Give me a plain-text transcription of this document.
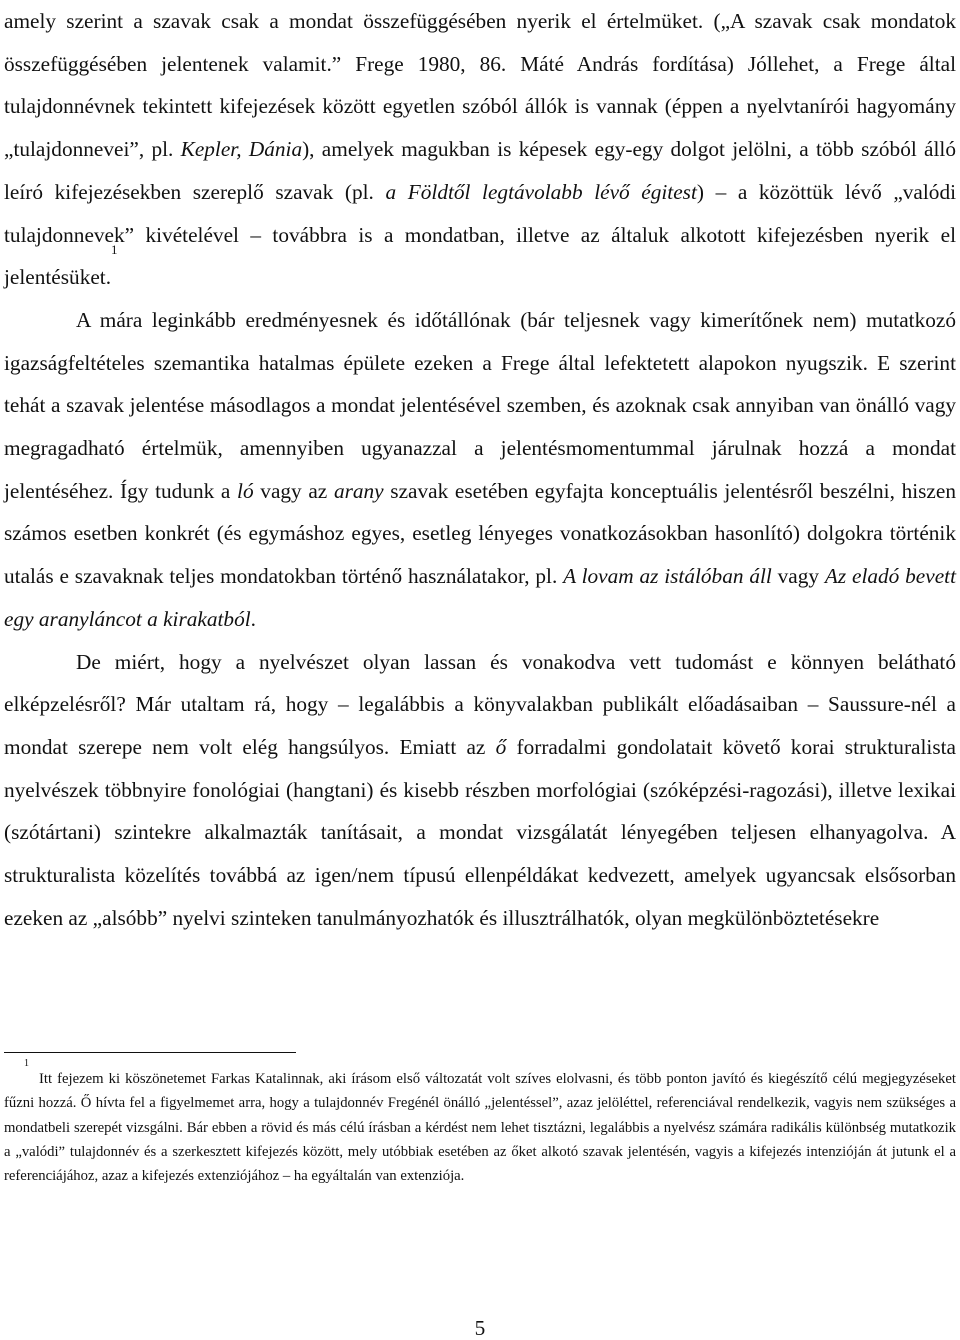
amely szerint a szavak csak a mondat összefüggésében nyerik el értelmüket. („A szavak csak mondatok összefüggésében jelentenek valamit.” Frege 1980, 86. Máté András fordítása) Jóllehet, a Frege által tulajdonnévnek tekintett kifejezések között egyetlen szóból állók is vannak (éppen a nyelvtanírói hagyomány „tulajdonnevei”, pl. Kepler, Dánia), amelyek magukban is képesek egy-egy dolgot jelölni, a több szóból álló leíró kifejezésekben szereplő szavak (pl. a Földtől legtávolabb lévő égitest) – a közöttük lévő „valódi tulajdonnevek” kivételével – továbbra is a mondatban, illetve az általuk alkotott kifejezésben nyerik el jelentésüket.$^1$

A mára leginkább eredményesnek és időtállónak (bár teljesnek vagy kimerítőnek nem) mutatkozó igazságfeltételes szemantika hatalmas épülete ezeken a Frege által lefektetett alapokon nyugszik. E szerint tehát a szavak jelentése másodlagos a mondat jelentésével szemben, és azoknak csak annyiban van önálló vagy megragadható értelmük, amennyiben ugyanazzal a jelentésmomentummal járulnak hozzá a mondat jelentéséhez. Így tudunk a ló vagy az arany szavak esetében egyfajta konceptuális jelentésről beszélni, hiszen számos esetben konkrét (és egymáshoz egyes, esetleg lényeges vonatkozásokban hasonlító) dolgokra történik utalás e szavaknak teljes mondatokban történő használatakor, pl. A lovam az istálóban áll vagy Az eladó bevett egy aranyláncot a kirakatból.

De miért, hogy a nyelvészet olyan lassan és vonakodva vett tudomást e könnyen belátható elképzelésről? Már utaltam rá, hogy – legalábbis a könyvalakban publikált előadásaiban – Saussure-nél a mondat szerepe nem volt elég hangsúlyos. Emiatt az ő forradalmi gondolatait követő korai strukturalista nyelvészek többnyire fonológiai (hangtani) és kisebb részben morfológiai (szóképzési-ragozási), illetve lexikai (szótártani) szintekre alkalmazták tanításait, a mondat vizsgálatát lényegében teljesen elhanyagolva. A strukturalista közelítés továbbá az igen/nem típusú ellenpéldákat kedvezett, amelyek ugyancsak elsősorban ezeken az „alsóbb” nyelvi szinteken tanulmányozhatók és illusztrálhatók, olyan megkülönböztetésekre

$^1$Itt fejezem ki köszönetemet Farkas Katalinnak, aki írásom első változatát volt szíves elolvasni, és több ponton javító és kiegészítő célú megjegyzéseket fűzni hozzá. Ő hívta fel a figyelmemet arra, hogy a tulajdonnév Fregénél önálló „jelentéssel”, azaz jelöléttel, referenciával rendelkezik, vagyis nem szükséges a mondatbeli szerepét vizsgálni. Bár ebben a rövid és más célú írásban a kérdést nem lehet tisztázni, legalábbis a nyelvész számára radikális különbség mutatkozik a „valódi” tulajdonnév és a szerkesztett kifejezés között, mely utóbbiak esetében az őket alkotó szavak jelentésén, vagyis a kifejezés intenzióján át jutunk el a referenciájához, azaz a kifejezés extenziójához – ha egyáltalán van extenziója.

5
